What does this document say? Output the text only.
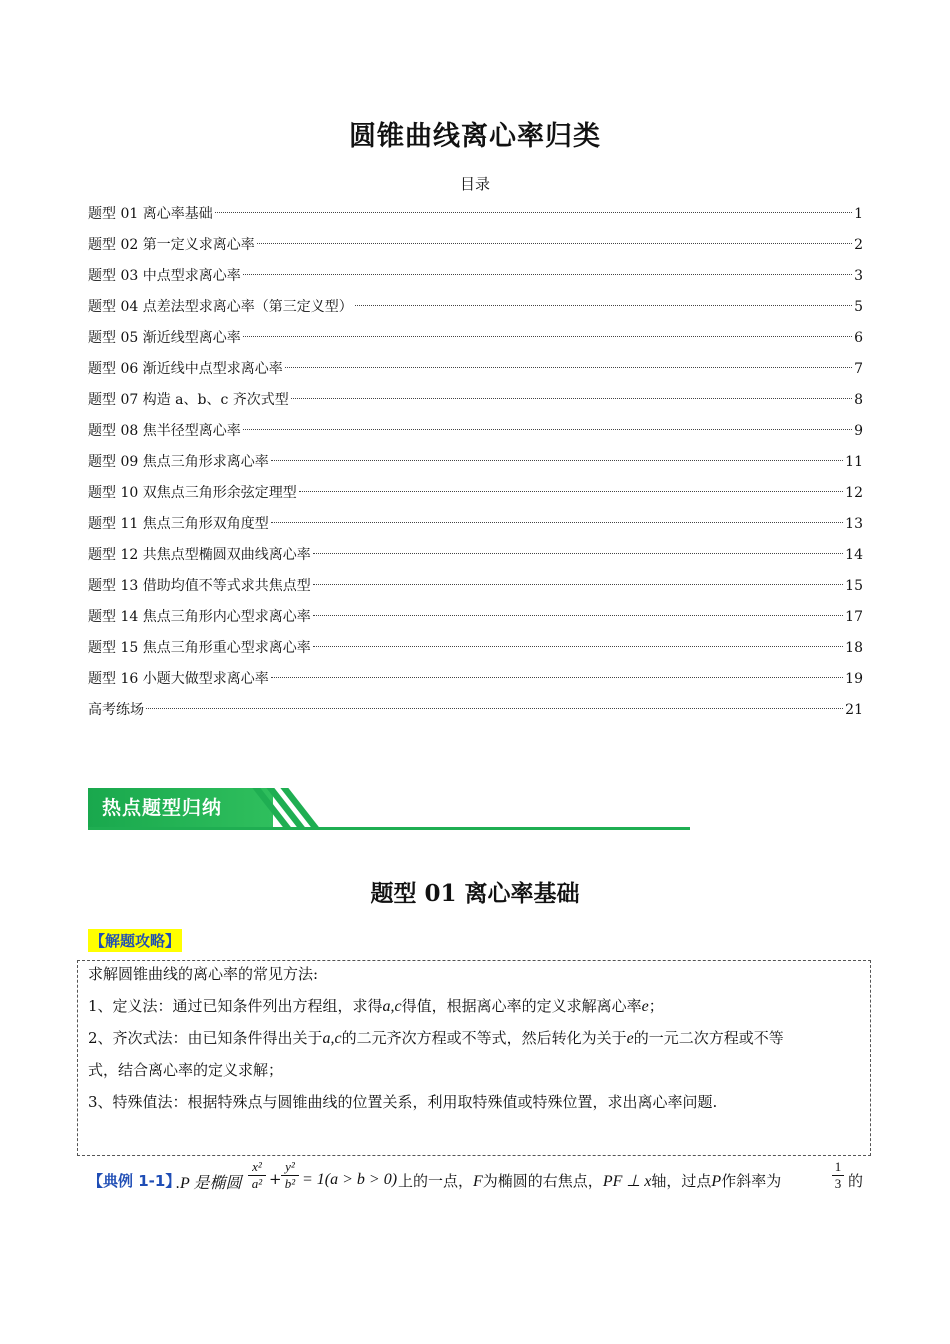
圆锥曲线离心率归类
目录
题型 01 离心率基础	1
题型 02 第一定义求离心率	2
题型 03 中点型求离心率	3
题型 04 点差法型求离心率（第三定义型）	5
题型 05 渐近线型离心率	6
题型 06 渐近线中点型求离心率	7
题型 07 构造 a、b、c 齐次式型	8
题型 08 焦半径型离心率	9
题型 09 焦点三角形求离心率	11
题型 10 双焦点三角形余弦定理型	12
题型 11 焦点三角形双角度型	13
题型 12 共焦点型椭圆双曲线离心率	14
题型 13 借助均值不等式求共焦点型	15
题型 14 焦点三角形内心型求离心率	17
题型 15 焦点三角形重心型求离心率	18
题型 16 小题大做型求离心率	19
高考练场	21
热点题型归纳
题型 01 离心率基础
【解题攻略】
求解圆锥曲线的离心率的常见方法:
1、定义法：通过已知条件列出方程组，求得a,c得值，根据离心率的定义求解离心率e；
2、齐次式法：由已知条件得出关于a,c的二元齐次方程或不等式，然后转化为关于e的一元二次方程或不等
式，结合离心率的定义求解；
3、特殊值法：根据特殊点与圆锥曲线的位置关系，利用取特殊值或特殊位置，求出离心率问题.
【典例 1-1】
.P 是椭圆
x²
a² +
y²
b² = 1(a > b > 0) 上的一点，F为椭圆的右焦点，PF ⊥ x轴，过点P作斜率为
1
3 的
